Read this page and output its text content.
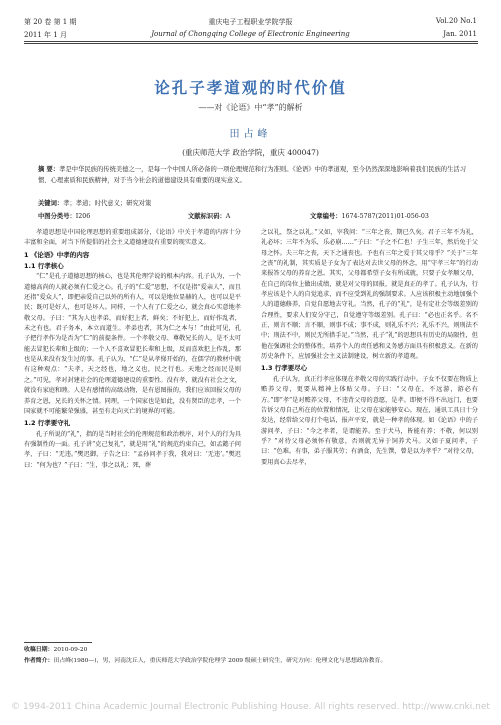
第 20 卷 第 1 期	重庆电子工程职业学院学报	Vol.20 No.1
2011 年 1 月	Journal of Chongqing College of Electronic Engineering	Jan. 2011
论孔子孝道观的时代价值
——对《论语》中“孝”的解析
田占峰
(重庆师范大学 政治学院，重庆 400047)
摘 要：孝是中华民族的传统美德之一，是每一个中国人所必备的一项伦理规范和行为准则。《论语》中的孝道观，至今仍然深深地影响着我们民族的生活习惯、心理素质和民族精神，对于当今社会的道德建设具有重要的现实意义。
关键词：孝；孝道；时代意义；研究对策
中图分类号：I206	文献标识码：A	文章编号：1674-5787(2011)01-056-03

孝道思想是中国伦理思想的重要组成部分，《论语》中关于孝道的内容十分丰富和全面，对当下所提倡的社会主义道德建设有重要的现实意义。

1 《论语》中孝的内容
1.1 行孝核心

“仁”是孔子道德思想的核心，也是其伦理学说的根本内容。孔子认为，一个道德高尚的人就必须有仁爱之心。孔子的“仁爱”思想，不仅是指“爱亲人”，而且还指“爱众人”，即把亲爱自己以外的所有人，可以是地位显赫的人，也可以是平民；既可是好人，也可是坏人。同样，一个人有了仁爱之心，就会真心实意地孝敬父母。子曰：“其为人也孝弟，而好犯上者，鲜矣；不好犯上，而好作乱者，未之有也。君子务本，本立而道生。孝弟也者，其为仁之本与！”由此可见，孔子把行孝作为是否为“仁”的前提条件。一个孝敬父母、尊敬兄长的人，是不太可能去冒犯长辈和上级的；一个人不喜欢冒犯长辈和上级，反而喜欢犯上作乱，那也是从来没有发生过的事。孔子认为，“仁”是从孝悌开始的，在儒学的教材中就有这种观点：“夫孝，天之经也，地之义也，民之行也。天地之经而民是则之。”可见，孝对封建社会的伦理道德建设的重要性。没有孝，就没有社会之文，就没有家庭和睦。人是有感情的高级动物，是有恩图报的，我们应该回报父母的养育之恩，兄长的关怀之情。同理，一个国家也是如此，没有贤臣的忠孝，一个国家就不可能繁荣强盛，甚至有走向灭亡的境界的可能。

1.2 行孝要守礼

孔子所说的“礼”，指的是当时社会的伦理规范和政治秩序，对个人的行为具有强制性的一面。孔子讲“克己复礼”，就是用“礼”的规范约束自己，如孟懿子问孝，子曰：“无违。”樊迟御，子告之曰：“孟孙问孝于我，我对曰：‘无违’。”樊迟曰：“何为也？”子曰：“生，事之以礼；死，葬

之以礼，祭之以礼。”又如，宰我问：“三年之丧，期已久矣。君子三年不为礼，礼必坏；三年不为乐，乐必崩……”子曰：“子之不仁也！子生三年，然后免于父母之怀。夫三年之丧，天下之通丧也。予也有三年之爱于其父母乎？”关于“三年之丧”的礼制，其实质是子女为了表达对去世父母的怀念，用“守孝三年”的行动来报答父母的养育之恩。其实，父母都希望子女有所成就，只要子女孝顺父母，在自己的岗位上做出成绩，就是对父母的回报，就是真正的孝了。孔子认为，行孝应该是个人的自觉追求，而不应受到礼的强制要求。人应该积极主动地加强个人的道德修养，自觉自愿地去守礼。当然，孔子的“礼”，是有定社会等级差别的合理性，要求人们安分守己，自觉遵守等级差别。孔子曰：“必也正名乎。名不正，则言不顺；言不顺，则事不成；事不成，则礼乐不兴；礼乐不兴，则刑法不中；刑法不中，则民无所措手足。”当然，孔子“礼”的思想具有历史的局限性，但他在强调社会的整体性，培养个人的责任感和义务感方面具有积极意义。在新的历史条件下，应加强社会主义法制建设，树立新的孝道观。

1.3 行孝要尽心

孔子认为，真正行孝应体现在孝敬父母的实践行动中。子女不仅要在物质上赡养父母，更要从精神上体贴父母。子曰：“父母在，不远游，游必有方。”即“孝”是对赡养父母，不违背父母的意愿，是孝。即便不得不出远门，也要告诉父母自己所在的位置和情况，让父母在家能够安心。现在，通讯工具日十分发达，经常给父母打个电话，报声平安，就是一种孝的体现。如《论语》中的子游问孝，子曰：“今之孝者，是谓能养。至于犬马，皆能有养；不敬，何以别乎？”对待父母必须怀有敬意，否则就无异于饲养犬马。又如子夏问孝，子曰：“色难。有事，弟子服其劳；有酒食，先生馔，曾是以为孝乎？”对待父母，要用真心去尽孝，

收稿日期：2010-09-20
作者简介：田占峰(1980—)，男，河南沈丘人，重庆师范大学政治学院伦理学 2009 级硕士研究生，研究方向：伦理文化与思想政治教育。
© 1994-2011 China Academic Journal Electronic Publishing House. All rights reserved. http://www.cnki.net
